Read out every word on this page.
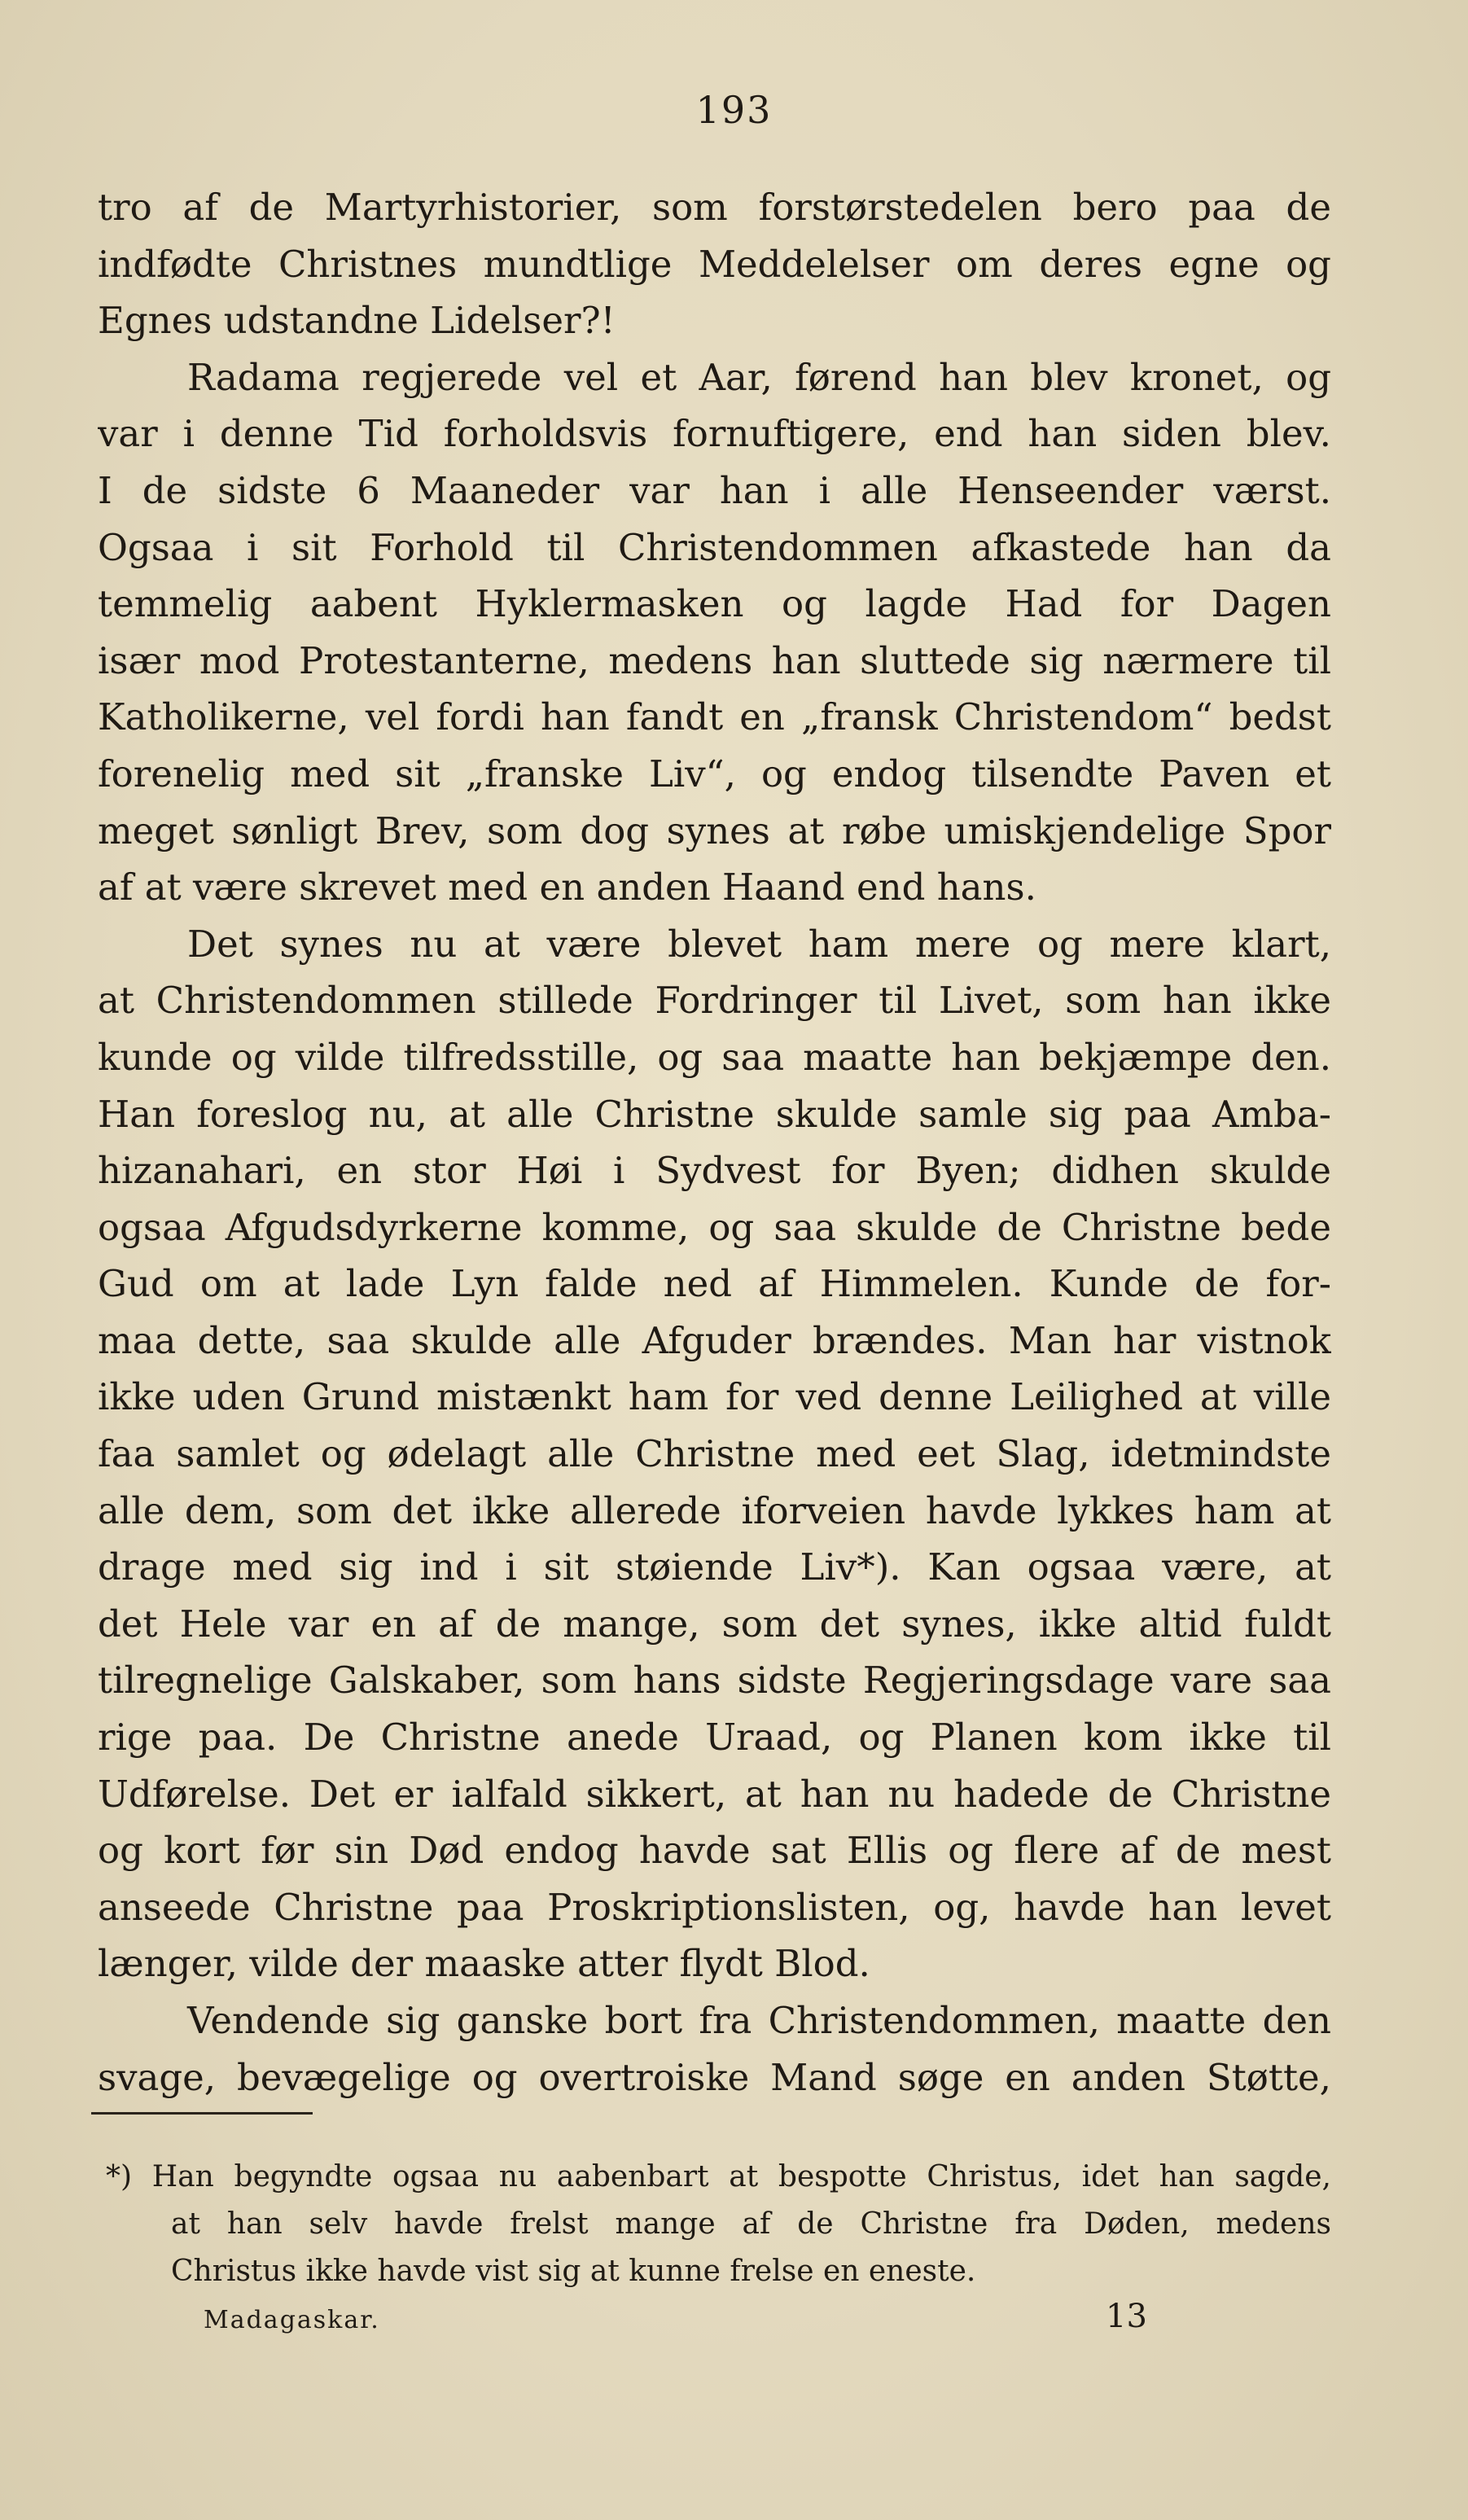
193
tro af de Martyrhistorier, som forstørstedelen bero paa de
indfødte Christnes mundtlige Meddelelser om deres egne og
Egnes udstandne Lidelser?!
Radama regjerede vel et Aar, førend han blev kronet, og
var i denne Tid forholdsvis fornuftigere, end han siden blev.
I de sidste 6 Maaneder var han i alle Henseender værst.
Ogsaa i sit Forhold til Christendommen afkastede han da
temmelig aabent Hyklermasken og lagde Had for Dagen
især mod Protestanterne, medens han sluttede sig nærmere til
Katholikerne, vel fordi han fandt en „fransk Christendom“ bedst
forenelig med sit „franske Liv“, og endog tilsendte Paven et
meget sønligt Brev, som dog synes at røbe umiskjendelige Spor
af at være skrevet med en anden Haand end hans.
Det synes nu at være blevet ham mere og mere klart,
at Christendommen stillede Fordringer til Livet, som han ikke
kunde og vilde tilfredsstille, og saa maatte han bekjæmpe den.
Han foreslog nu, at alle Christne skulde samle sig paa Amba-
hizanahari, en stor Høi i Sydvest for Byen; didhen skulde
ogsaa Afgudsdyrkerne komme, og saa skulde de Christne bede
Gud om at lade Lyn falde ned af Himmelen. Kunde de for-
maa dette, saa skulde alle Afguder brændes. Man har vistnok
ikke uden Grund mistænkt ham for ved denne Leilighed at ville
faa samlet og ødelagt alle Christne med eet Slag, idetmindste
alle dem, som det ikke allerede iforveien havde lykkes ham at
drage med sig ind i sit støiende Liv*). Kan ogsaa være, at
det Hele var en af de mange, som det synes, ikke altid fuldt
tilregnelige Galskaber, som hans sidste Regjeringsdage vare saa
rige paa. De Christne anede Uraad, og Planen kom ikke til
Udførelse. Det er ialfald sikkert, at han nu hadede de Christne
og kort før sin Død endog havde sat Ellis og flere af de mest
anseede Christne paa Proskriptionslisten, og, havde han levet
længer, vilde der maaske atter flydt Blod.
Vendende sig ganske bort fra Christendommen, maatte den
svage, bevægelige og overtroiske Mand søge en anden Støtte,
*) Han begyndte ogsaa nu aabenbart at bespotte Christus, idet han sagde,
at han selv havde frelst mange af de Christne fra Døden, medens
Christus ikke havde vist sig at kunne frelse en eneste.
Madagaskar.	13
